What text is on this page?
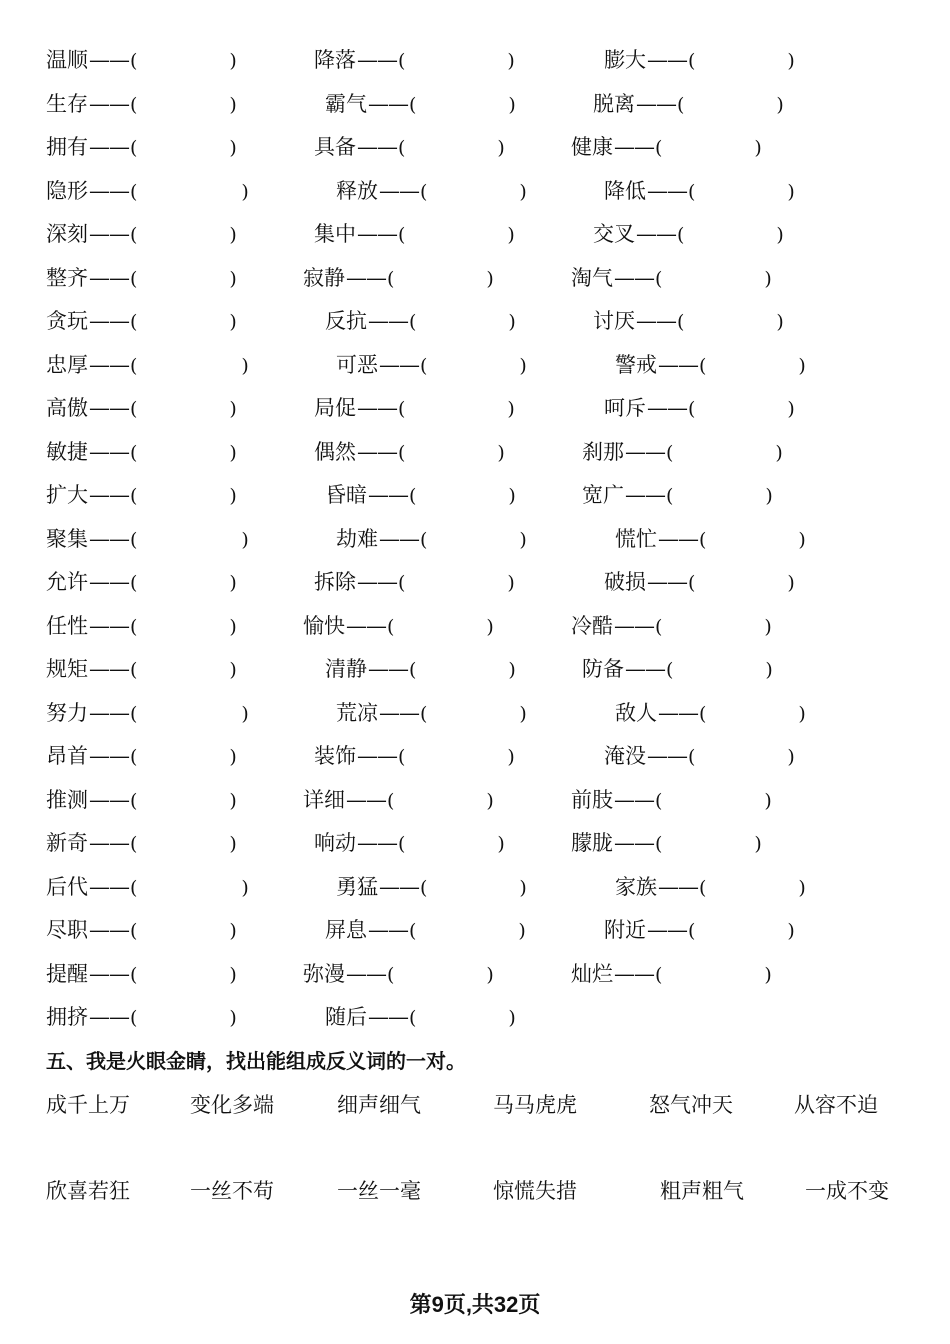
温顺——(	)	降落——(	)	膨大——(	)
生存——(	)	霸气——(	)	脱离——(	)
拥有——(	)	具备——(	)	健康——(	)
隐形——(	)	释放——(	)	降低——(	)
深刻——(	)	集中——(	)	交叉——(	)
整齐——(	)	寂静——(	)	淘气——(	)
贪玩——(	)	反抗——(	)	讨厌——(	)
忠厚——(	)	可恶——(	)	警戒——(	)
高傲——(	)	局促——(	)	呵斥——(	)
敏捷——(	)	偶然——(	)	刹那——(	)
扩大——(	)	昏暗——(	)	宽广——(	)
聚集——(	)	劫难——(	)	慌忙——(	)
允许——(	)	拆除——(	)	破损——(	)
任性——(	)	愉快——(	)	冷酷——(	)
规矩——(	)	清静——(	)	防备——(	)
努力——(	)	荒凉——(	)	敌人——(	)
昂首——(	)	装饰——(	)	淹没——(	)
推测——(	)	详细——(	)	前肢——(	)
新奇——(	)	响动——(	)	朦胧——(	)
后代——(	)	勇猛——(	)	家族——(	)
尽职——(	)	屏息——(	)	附近——(	)
提醒——(	)	弥漫——(	)	灿烂——(	)
拥挤——(	)	随后——(	)
五、我是火眼金睛，找出能组成反义词的一对。
成千上万	变化多端	细声细气	马马虎虎	怒气冲天	从容不迫
欣喜若狂	一丝不苟	一丝一毫	惊慌失措	粗声粗气	一成不变
第9页,共32页
